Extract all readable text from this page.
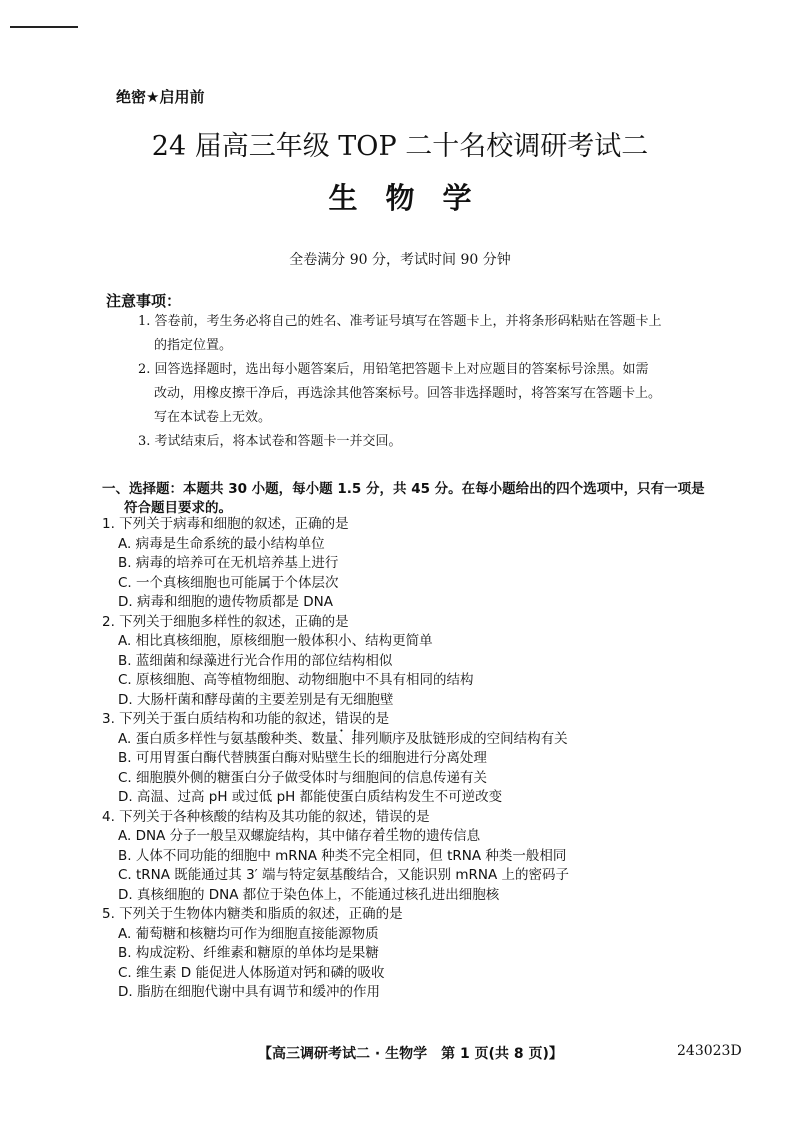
绝密★启用前
24 届高三年级 TOP 二十名校调研考试二
生物学
全卷满分 90 分，考试时间 90 分钟
注意事项：
1. 答卷前，考生务必将自己的姓名、准考证号填写在答题卡上，并将条形码粘贴在答题卡上
的指定位置。
2. 回答选择题时，选出每小题答案后，用铅笔把答题卡上对应题目的答案标号涂黑。如需
改动，用橡皮擦干净后，再选涂其他答案标号。回答非选择题时，将答案写在答题卡上。
写在本试卷上无效。
3. 考试结束后，将本试卷和答题卡一并交回。
一、选择题：本题共 30 小题，每小题 1.5 分，共 45 分。在每小题给出的四个选项中，只有一项是
符合题目要求的。
1. 下列关于病毒和细胞的叙述，正确的是
A. 病毒是生命系统的最小结构单位
B. 病毒的培养可在无机培养基上进行
C. 一个真核细胞也可能属于个体层次
D. 病毒和细胞的遗传物质都是 DNA
2. 下列关于细胞多样性的叙述，正确的是
A. 相比真核细胞，原核细胞一般体积小、结构更简单
B. 蓝细菌和绿藻进行光合作用的部位结构相似
C. 原核细胞、高等植物细胞、动物细胞中不具有相同的结构
D. 大肠杆菌和酵母菌的主要差别是有无细胞壁
3. 下列关于蛋白质结构和功能的叙述，错误的是
A. 蛋白质多样性与氨基酸种类、数量、排列顺序及肽链形成的空间结构有关
B. 可用胃蛋白酶代替胰蛋白酶对贴壁生长的细胞进行分离处理
C. 细胞膜外侧的糖蛋白分子做受体时与细胞间的信息传递有关
D. 高温、过高 pH 或过低 pH 都能使蛋白质结构发生不可逆改变
4. 下列关于各种核酸的结构及其功能的叙述，错误的是
A. DNA 分子一般呈双螺旋结构，其中储存着生物的遗传信息
B. 人体不同功能的细胞中 mRNA 种类不完全相同，但 tRNA 种类一般相同
C. tRNA 既能通过其 3′ 端与特定氨基酸结合，又能识别 mRNA 上的密码子
D. 真核细胞的 DNA 都位于染色体上，不能通过核孔进出细胞核
5. 下列关于生物体内糖类和脂质的叙述，正确的是
A. 葡萄糖和核糖均可作为细胞直接能源物质
B. 构成淀粉、纤维素和糖原的单体均是果糖
C. 维生素 D 能促进人体肠道对钙和磷的吸收
D. 脂肪在细胞代谢中具有调节和缓冲的作用
【高三调研考试二 · 生物学　第 1 页(共 8 页)】	243023D
